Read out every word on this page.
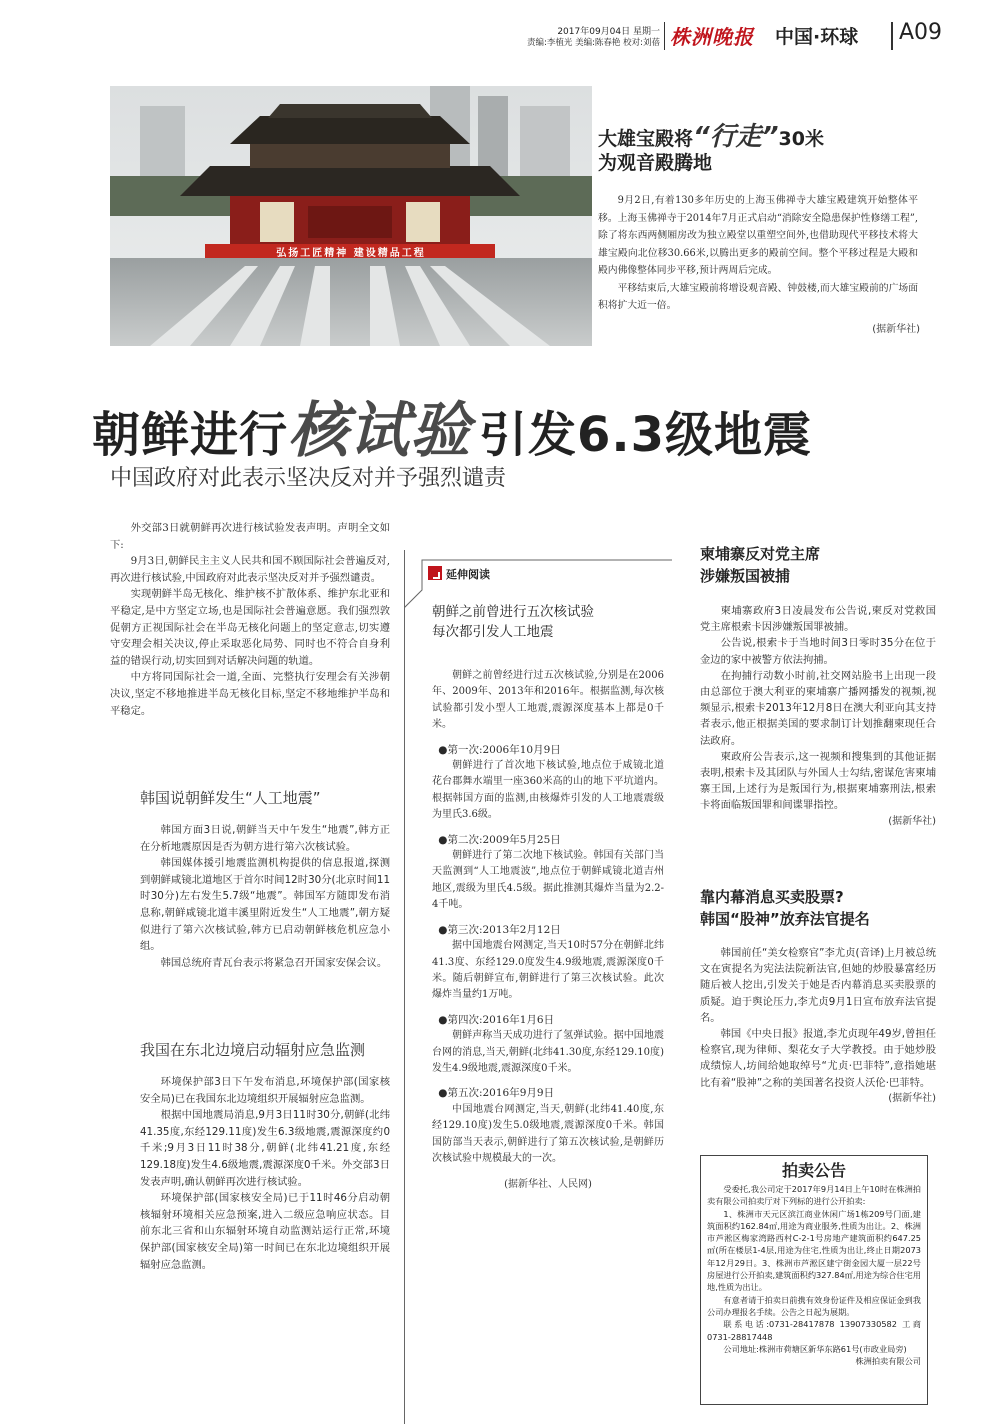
2017年09月04日 星期一
责编:李植光 美编:陈春艳 校对:刘蓓 株洲晚报 中国·环球 A09
弘扬工匠精神 建设精品工程
大雄宝殿将“行走”30米
为观音殿腾地

9月2日,有着130多年历史的上海玉佛禅寺大雄宝殿建筑开始整体平移。上海玉佛禅寺于2014年7月正式启动“消除安全隐患保护性修缮工程”,除了将东西两侧厢房改为独立殿堂以重塑空间外,也借助现代平移技术将大雄宝殿向北位移30.66米,以腾出更多的殿前空间。整个平移过程是大殿和殿内佛像整体同步平移,预计两周后完成。

平移结束后,大雄宝殿前将增设观音殿、钟鼓楼,而大雄宝殿前的广场面积将扩大近一倍。

(据新华社)
朝鲜进行核试验 引发6.3级地震
中国政府对此表示坚决反对并予强烈谴责

外交部3日就朝鲜再次进行核试验发表声明。声明全文如下:

9月3日,朝鲜民主主义人民共和国不顾国际社会普遍反对,再次进行核试验,中国政府对此表示坚决反对并予强烈谴责。

实现朝鲜半岛无核化、维护核不扩散体系、维护东北亚和平稳定,是中方坚定立场,也是国际社会普遍意愿。我们强烈敦促朝方正视国际社会在半岛无核化问题上的坚定意志,切实遵守安理会相关决议,停止采取恶化局势、同时也不符合自身利益的错误行动,切实回到对话解决问题的轨道。

中方将同国际社会一道,全面、完整执行安理会有关涉朝决议,坚定不移地推进半岛无核化目标,坚定不移地维护半岛和平稳定。

韩国说朝鲜发生“人工地震”

韩国方面3日说,朝鲜当天中午发生“地震”,韩方正在分析地震原因是否为朝方进行第六次核试验。

韩国媒体援引地震监测机构提供的信息报道,探测到朝鲜咸镜北道地区于首尔时间12时30分(北京时间11时30分)左右发生5.7级“地震”。韩国军方随即发布消息称,朝鲜咸镜北道丰溪里附近发生“人工地震”,朝方疑似进行了第六次核试验,韩方已启动朝鲜核危机应急小组。

韩国总统府青瓦台表示将紧急召开国家安保会议。

我国在东北边境启动辐射应急监测

环境保护部3日下午发布消息,环境保护部(国家核安全局)已在我国东北边境组织开展辐射应急监测。

根据中国地震局消息,9月3日11时30分,朝鲜(北纬41.35度,东经129.11度)发生6.3级地震,震源深度约0千米;9月3日11时38分,朝鲜(北纬41.21度,东经129.18度)发生4.6级地震,震源深度0千米。外交部3日发表声明,确认朝鲜再次进行核试验。

环境保护部(国家核安全局)已于11时46分启动朝核辐射环境相关应急预案,进入二级应急响应状态。目前东北三省和山东辐射环境自动监测站运行正常,环境保护部(国家核安全局)第一时间已在东北边境组织开展辐射应急监测。

延伸阅读
朝鲜之前曾进行五次核试验
每次都引发人工地震

朝鲜之前曾经进行过五次核试验,分别是在2006年、2009年、2013年和2016年。根据监测,每次核试验都引发小型人工地震,震源深度基本上都是0千米。

●第一次:2006年10月9日

朝鲜进行了首次地下核试验,地点位于咸镜北道花台郡舞水端里一座360米高的山的地下平坑道内。根据韩国方面的监测,由核爆炸引发的人工地震震级为里氏3.6级。

●第二次:2009年5月25日

朝鲜进行了第二次地下核试验。韩国有关部门当天监测到“人工地震波”,地点位于朝鲜咸镜北道吉州地区,震级为里氏4.5级。据此推测其爆炸当量为2.2-4千吨。

●第三次:2013年2月12日

据中国地震台网测定,当天10时57分在朝鲜北纬41.3度、东经129.0度发生4.9级地震,震源深度0千米。随后朝鲜宣布,朝鲜进行了第三次核试验。此次爆炸当量约1万吨。

●第四次:2016年1月6日

朝鲜声称当天成功进行了氢弹试验。据中国地震台网的消息,当天,朝鲜(北纬41.30度,东经129.10度)发生4.9级地震,震源深度0千米。

●第五次:2016年9月9日

中国地震台网测定,当天,朝鲜(北纬41.40度,东经129.10度)发生5.0级地震,震源深度0千米。韩国国防部当天表示,朝鲜进行了第五次核试验,是朝鲜历次核试验中规模最大的一次。

(据新华社、人民网)
柬埔寨反对党主席
涉嫌叛国被捕

柬埔寨政府3日凌晨发布公告说,柬反对党救国党主席根索卡因涉嫌叛国罪被捕。

公告说,根索卡于当地时间3日零时35分在位于金边的家中被警方依法拘捕。

在拘捕行动数小时前,社交网站脸书上出现一段由总部位于澳大利亚的柬埔寨广播网播发的视频,视频显示,根索卡2013年12月8日在澳大利亚向其支持者表示,他正根据美国的要求制订计划推翻柬现任合法政府。

柬政府公告表示,这一视频和搜集到的其他证据表明,根索卡及其团队与外国人士勾结,密谋危害柬埔寨王国,上述行为是叛国行为,根据柬埔寨刑法,根索卡将面临叛国罪和间谍罪指控。

(据新华社)
靠内幕消息买卖股票?
韩国“股神”放弃法官提名

韩国前任“美女检察官”李尤贞(音译)上月被总统文在寅提名为宪法法院新法官,但她的炒股暴富经历随后被人挖出,引发关于她是否内幕消息买卖股票的质疑。迫于舆论压力,李尤贞9月1日宣布放弃法官提名。

韩国《中央日报》报道,李尤贞现年49岁,曾担任检察官,现为律师、梨花女子大学教授。由于她炒股成绩惊人,坊间给她取绰号“尤贞·巴菲特”,意指她堪比有着“股神”之称的美国著名投资人沃伦·巴菲特。

(据新华社)
拍卖公告

受委托,我公司定于2017年9月14日上午10时在株洲拍卖有限公司拍卖厅对下列标的进行公开拍卖:

1、株洲市天元区滨江商业休闲广场1栋209号门面,建筑面积约162.84㎡,用途为商业服务,性质为出让。2、株洲市芦淞区梅家湾路西村C-2-1号房地产建筑面积约647.25㎡(所在楼层1-4层,用途为住宅,性质为出让,终止日期2073年12月29日。3、株洲市芦淞区建宁街金园大厦一层22号房屋进行公开拍卖,建筑面积约327.84㎡,用途为综合住宅用地,性质为出让。

有意者请于拍卖日前携有效身份证件及相应保证金到我公司办理报名手续。公告之日起为展期。

联系电话:0731-28417878 13907330582 工商0731-28817448

公司地址:株洲市荷塘区新华东路61号(市政业局旁)

株洲拍卖有限公司
